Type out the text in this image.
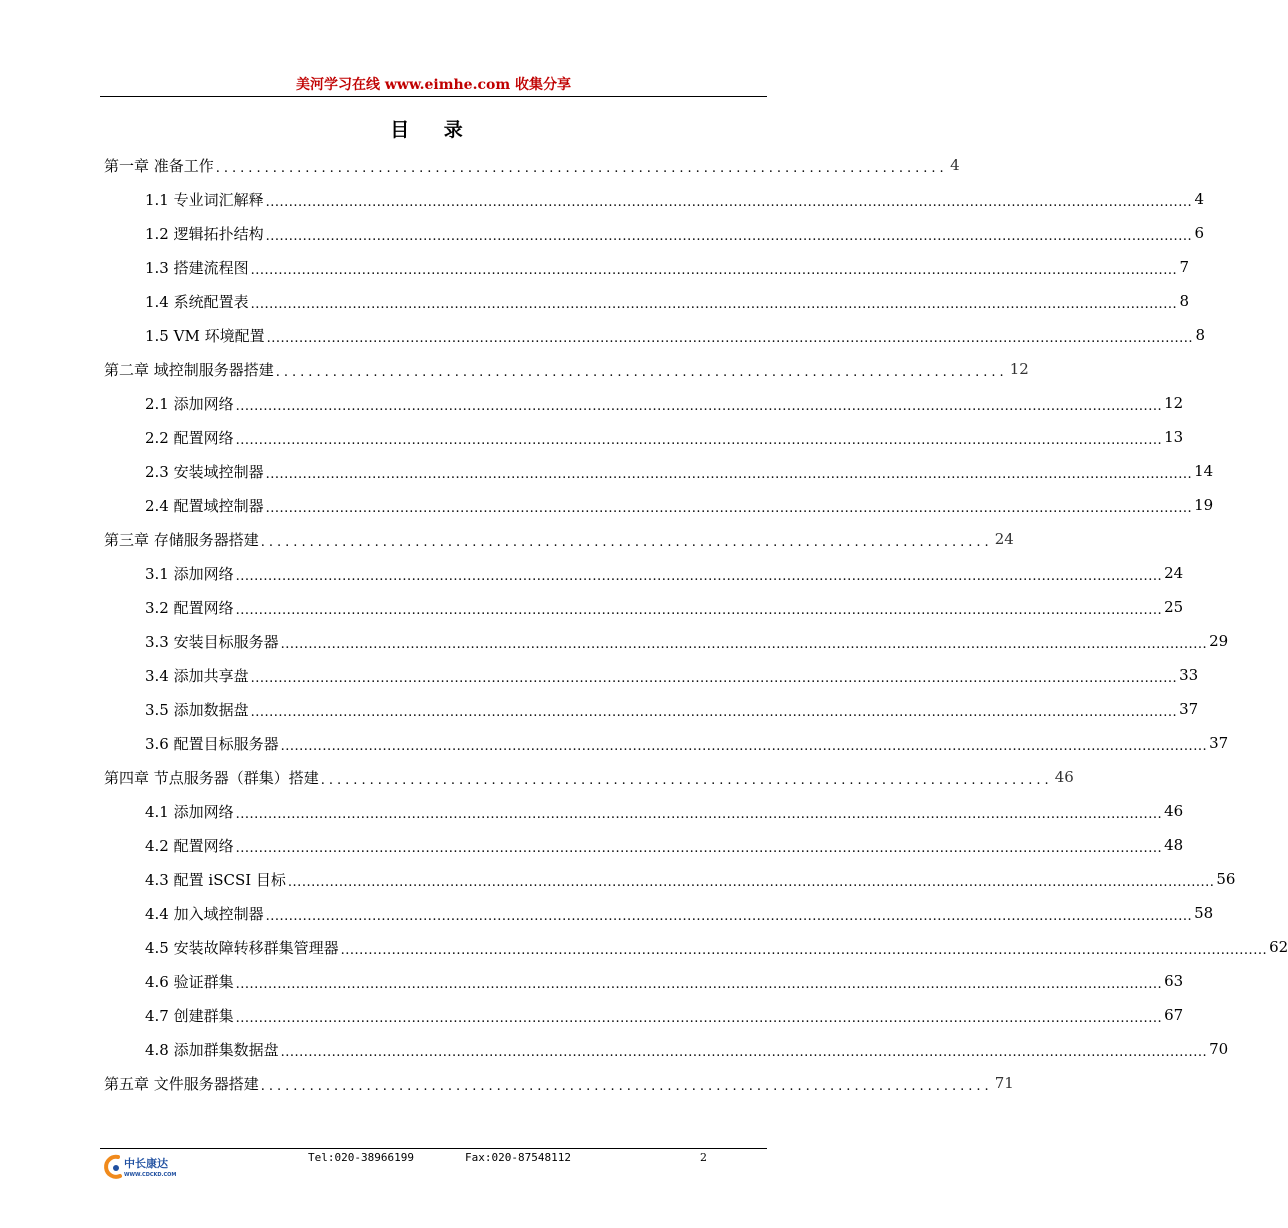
美河学习在线 www.eimhe.com 收集分享
目 录
第一章 准备工作 .......................................................................................... 4
1.1 专业词汇解释 ........................................................................................................................................................................................................ 4
1.2 逻辑拓扑结构 ........................................................................................................................................................................................................ 6
1.3 搭建流程图 ........................................................................................................................................................................................................ 7
1.4 系统配置表 ........................................................................................................................................................................................................ 8
1.5 VM 环境配置 ........................................................................................................................................................................................................ 8
第二章 域控制服务器搭建 .......................................................................................... 12
2.1 添加网络 ........................................................................................................................................................................................................ 12
2.2 配置网络 ........................................................................................................................................................................................................ 13
2.3 安装域控制器 ........................................................................................................................................................................................................ 14
2.4 配置域控制器 ........................................................................................................................................................................................................ 19
第三章 存储服务器搭建 .......................................................................................... 24
3.1 添加网络 ........................................................................................................................................................................................................ 24
3.2 配置网络 ........................................................................................................................................................................................................ 25
3.3 安装目标服务器 ........................................................................................................................................................................................................ 29
3.4 添加共享盘 ........................................................................................................................................................................................................ 33
3.5 添加数据盘 ........................................................................................................................................................................................................ 37
3.6 配置目标服务器 ........................................................................................................................................................................................................ 37
第四章 节点服务器（群集）搭建 .......................................................................................... 46
4.1 添加网络 ........................................................................................................................................................................................................ 46
4.2 配置网络 ........................................................................................................................................................................................................ 48
4.3 配置 iSCSI 目标 ........................................................................................................................................................................................................ 56
4.4 加入域控制器 ........................................................................................................................................................................................................ 58
4.5 安装故障转移群集管理器 ........................................................................................................................................................................................................ 62
4.6 验证群集 ........................................................................................................................................................................................................ 63
4.7 创建群集 ........................................................................................................................................................................................................ 67
4.8 添加群集数据盘 ........................................................................................................................................................................................................ 70
第五章 文件服务器搭建 .......................................................................................... 71
中长康达
WWW.CDCKD.COM
Tel:020-38966199	Fax:020-87548112	2
